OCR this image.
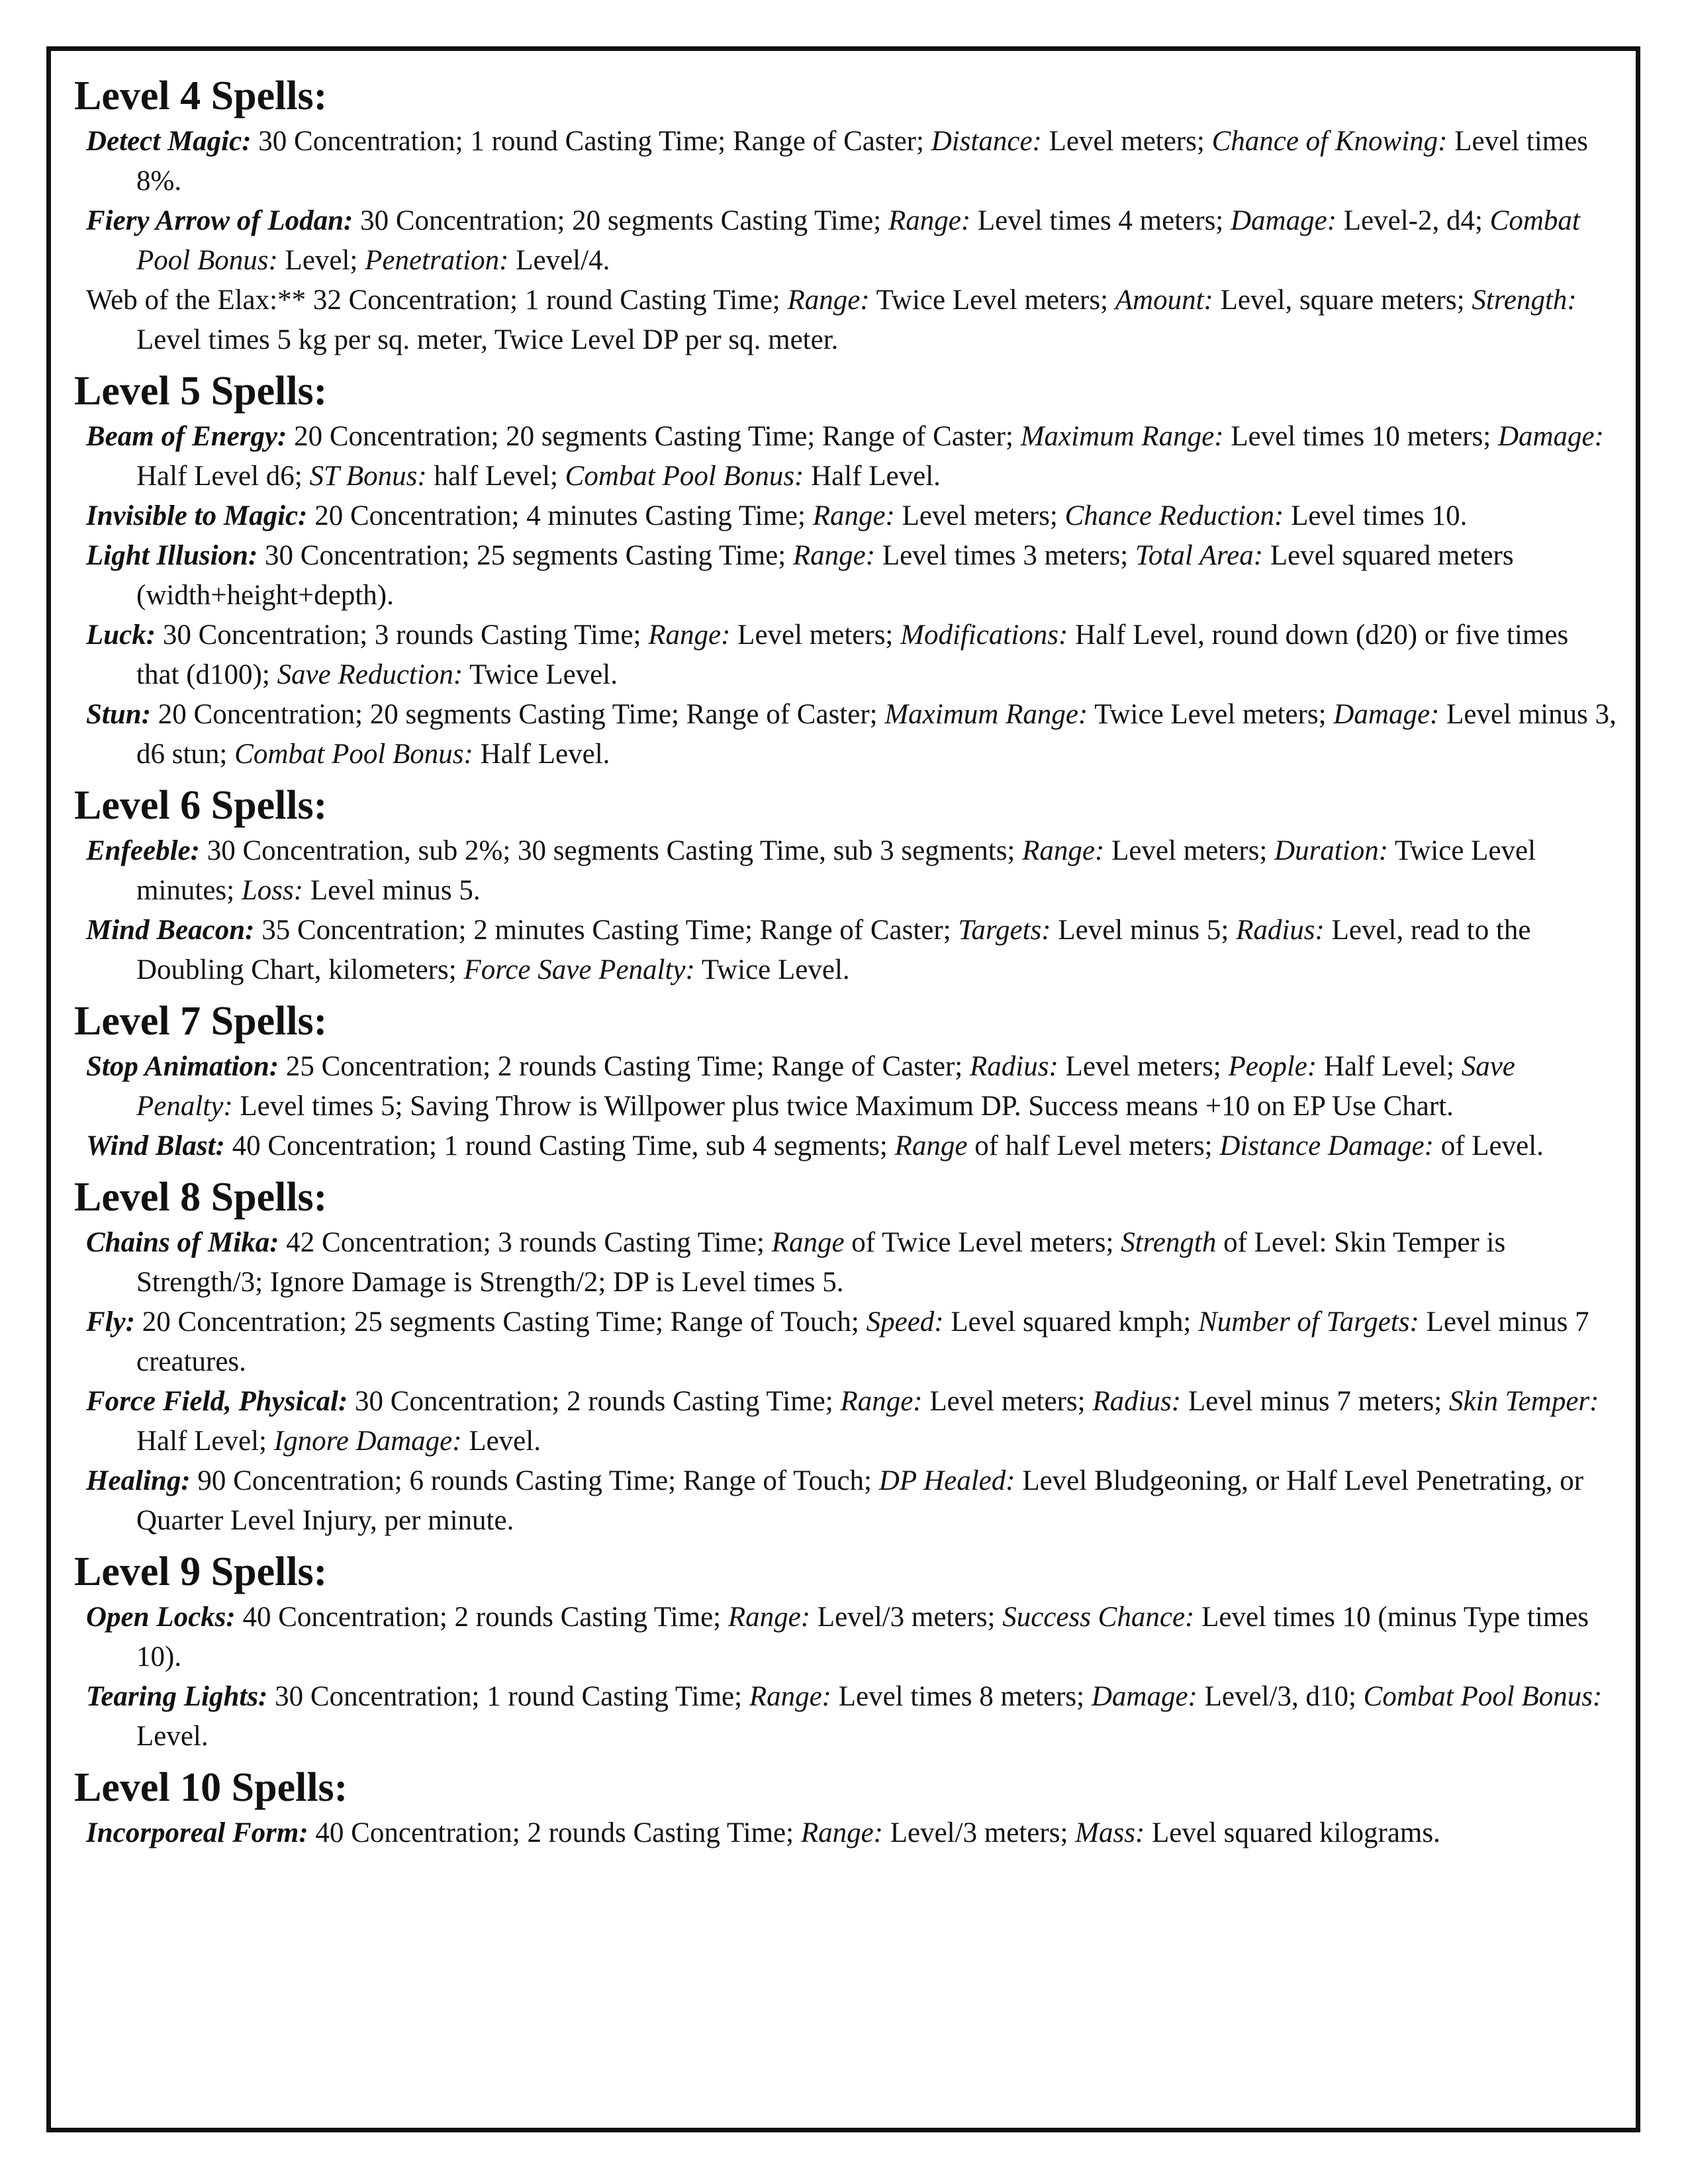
Level 4 Spells:
Detect Magic: 30 Concentration; 1 round Casting Time; Range of Caster; Distance: Level meters; Chance of Knowing: Level times 8%.
Fiery Arrow of Lodan: 30 Concentration; 20 segments Casting Time; Range: Level times 4 meters; Damage: Level-2, d4; Combat Pool Bonus: Level; Penetration: Level/4.
Web of the Elax:** 32 Concentration; 1 round Casting Time; Range: Twice Level meters; Amount: Level, square meters; Strength: Level times 5 kg per sq. meter, Twice Level DP per sq. meter.
Level 5 Spells:
Beam of Energy: 20 Concentration; 20 segments Casting Time; Range of Caster; Maximum Range: Level times 10 meters; Damage: Half Level d6; ST Bonus: half Level; Combat Pool Bonus: Half Level.
Invisible to Magic: 20 Concentration; 4 minutes Casting Time; Range: Level meters; Chance Reduction: Level times 10.
Light Illusion: 30 Concentration; 25 segments Casting Time; Range: Level times 3 meters; Total Area: Level squared meters (width+height+depth).
Luck: 30 Concentration; 3 rounds Casting Time; Range: Level meters; Modifications: Half Level, round down (d20) or five times that (d100); Save Reduction: Twice Level.
Stun: 20 Concentration; 20 segments Casting Time; Range of Caster; Maximum Range: Twice Level meters; Damage: Level minus 3, d6 stun; Combat Pool Bonus: Half Level.
Level 6 Spells:
Enfeeble: 30 Concentration, sub 2%; 30 segments Casting Time, sub 3 segments; Range: Level meters; Duration: Twice Level minutes; Loss: Level minus 5.
Mind Beacon: 35 Concentration; 2 minutes Casting Time; Range of Caster; Targets: Level minus 5; Radius: Level, read to the Doubling Chart, kilometers; Force Save Penalty: Twice Level.
Level 7 Spells:
Stop Animation: 25 Concentration; 2 rounds Casting Time; Range of Caster; Radius: Level meters; People: Half Level; Save Penalty: Level times 5; Saving Throw is Willpower plus twice Maximum DP. Success means +10 on EP Use Chart.
Wind Blast: 40 Concentration; 1 round Casting Time, sub 4 segments; Range of half Level meters; Distance Damage: of Level.
Level 8 Spells:
Chains of Mika: 42 Concentration; 3 rounds Casting Time; Range of Twice Level meters; Strength of Level: Skin Temper is Strength/3; Ignore Damage is Strength/2; DP is Level times 5.
Fly: 20 Concentration; 25 segments Casting Time; Range of Touch; Speed: Level squared kmph; Number of Targets: Level minus 7 creatures.
Force Field, Physical: 30 Concentration; 2 rounds Casting Time; Range: Level meters; Radius: Level minus 7 meters; Skin Temper: Half Level; Ignore Damage: Level.
Healing: 90 Concentration; 6 rounds Casting Time; Range of Touch; DP Healed: Level Bludgeoning, or Half Level Penetrating, or Quarter Level Injury, per minute.
Level 9 Spells:
Open Locks: 40 Concentration; 2 rounds Casting Time; Range: Level/3 meters; Success Chance: Level times 10 (minus Type times 10).
Tearing Lights: 30 Concentration; 1 round Casting Time; Range: Level times 8 meters; Damage: Level/3, d10; Combat Pool Bonus: Level.
Level 10 Spells:
Incorporeal Form: 40 Concentration; 2 rounds Casting Time; Range: Level/3 meters; Mass: Level squared kilograms.
